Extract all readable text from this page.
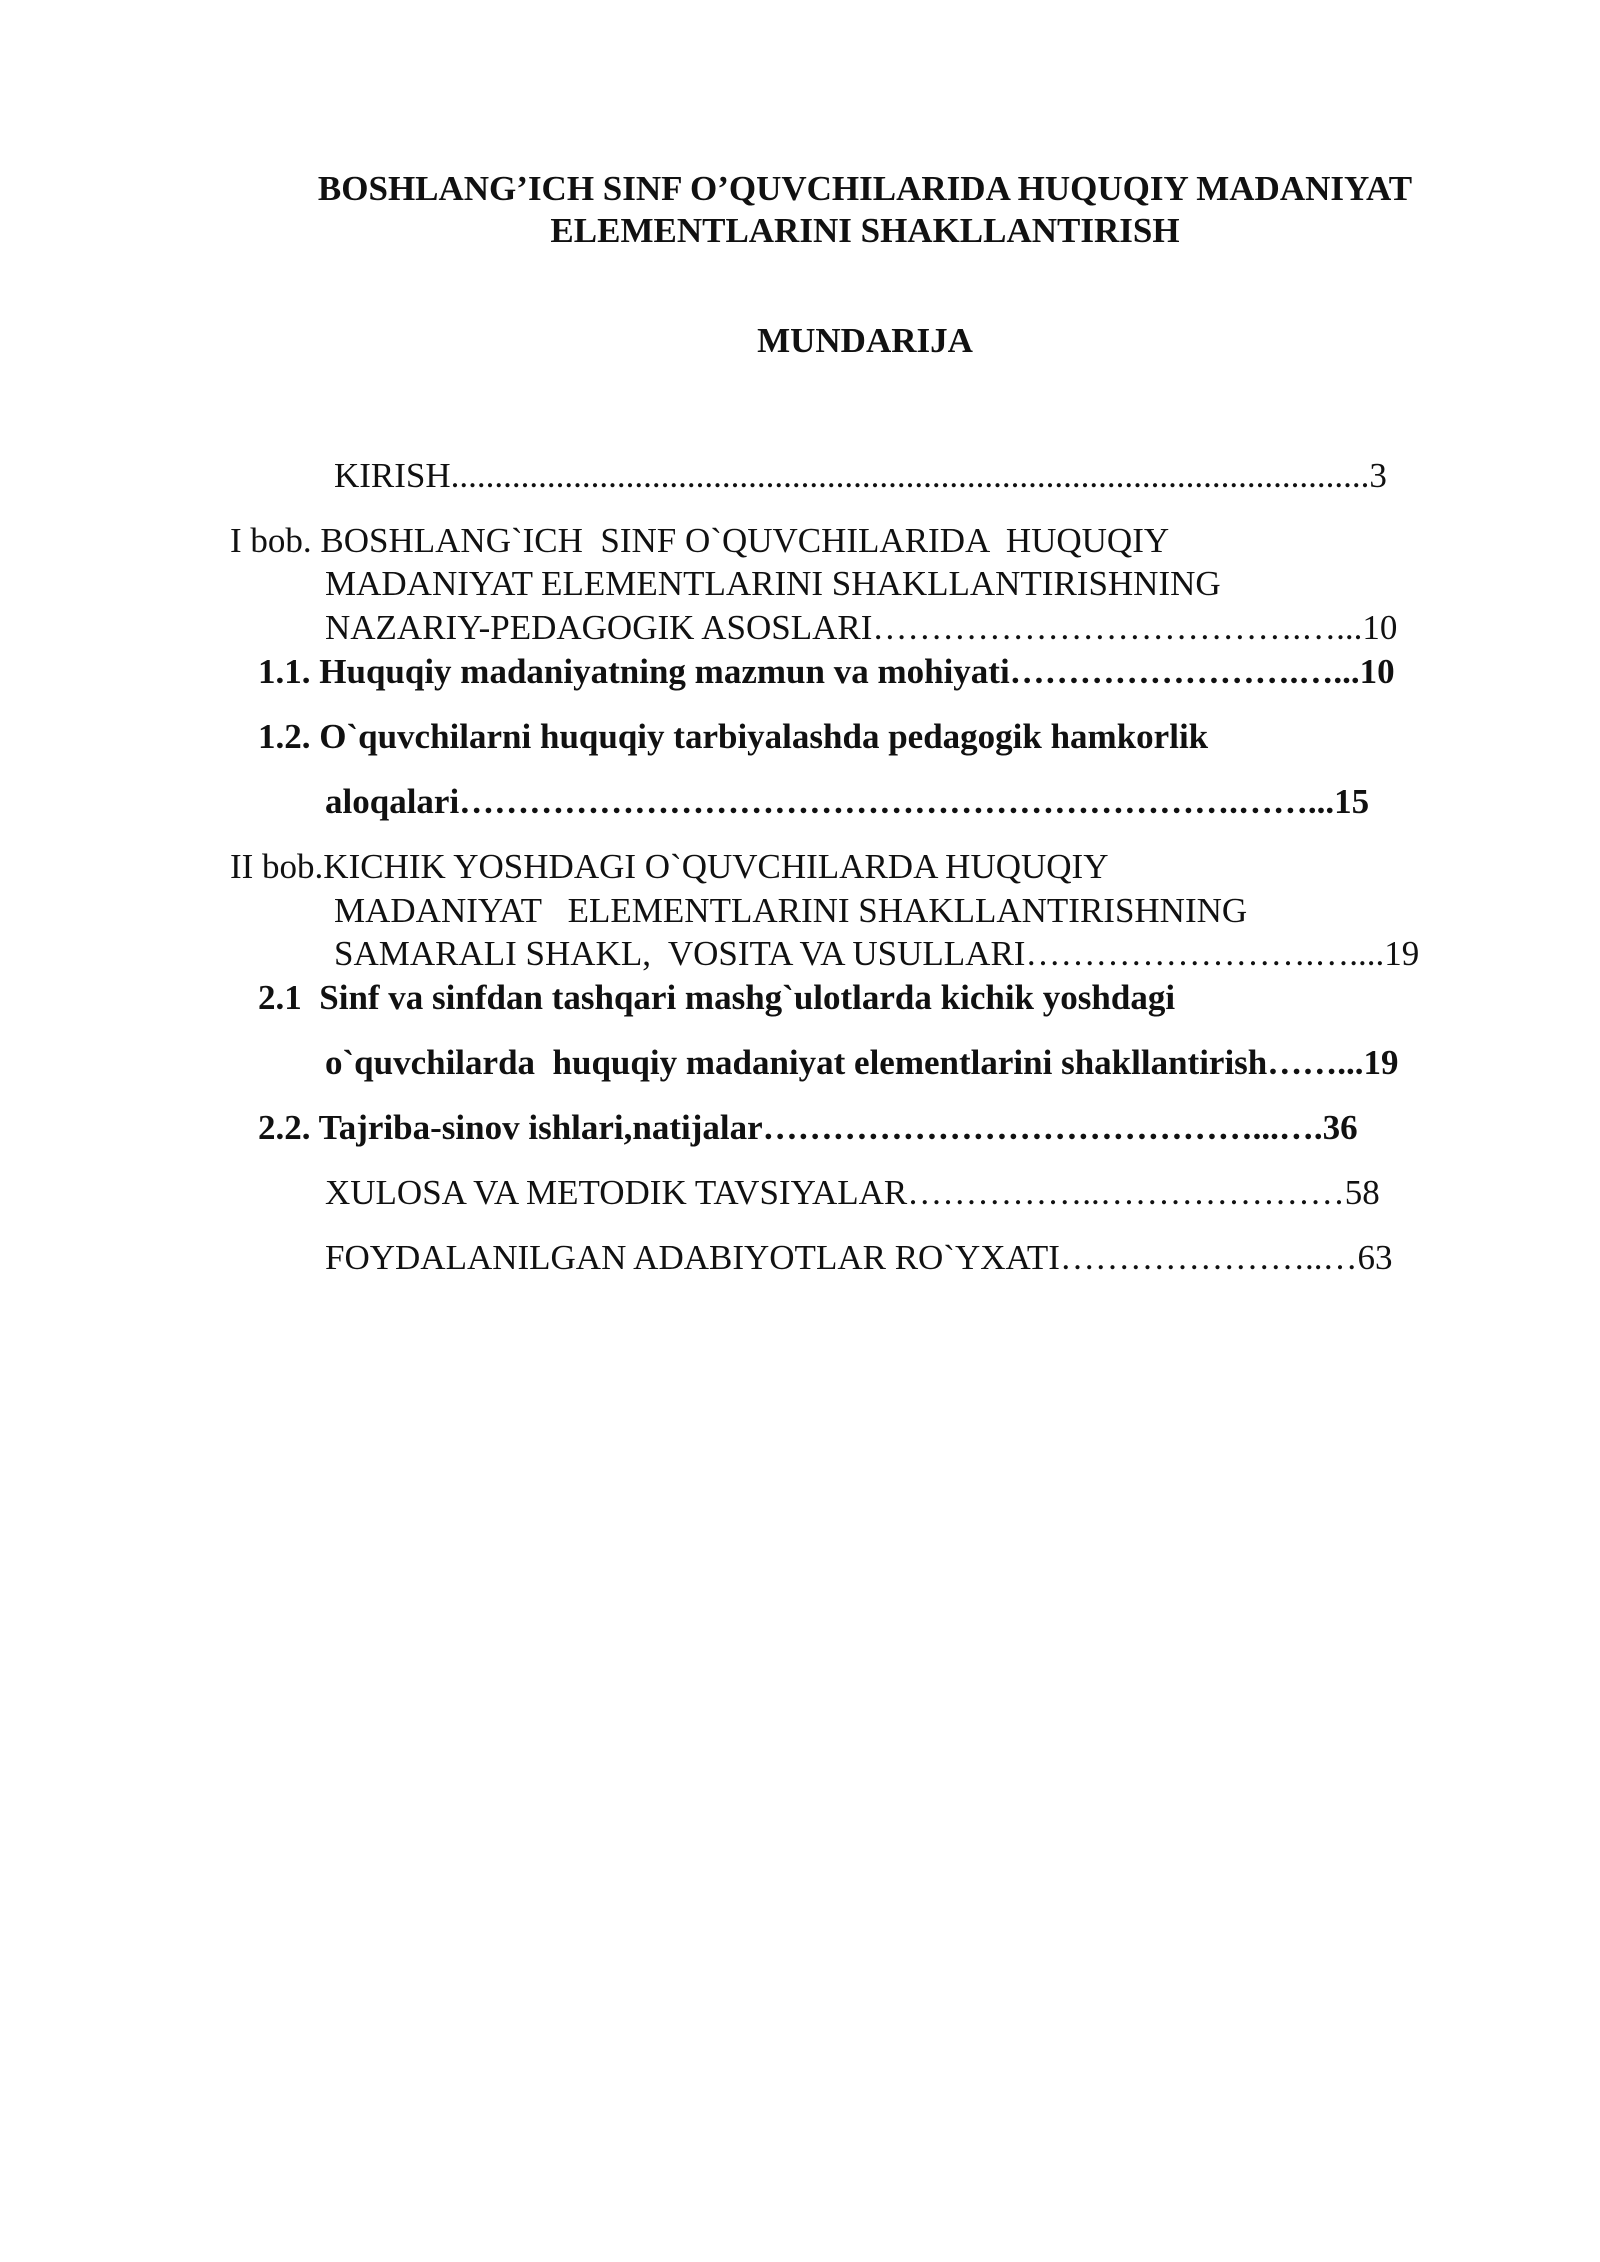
BOSHLANG’ICH SINF O’QUVCHILARIDA HUQUQIY MADANIYAT
ELEMENTLARINI SHAKLLANTIRISH
MUNDARIJA
KIRISH.........................................................................................................3
I bob. BOSHLANG`ICH  SINF O`QUVCHILARIDA  HUQUQIY
MADANIYAT ELEMENTLARINI SHAKLLANTIRISHNING
NAZARIY-PEDAGOGIK ASOSLARI……………………………….…...10
1.1. Huquqiy madaniyatning mazmun va mohiyati…………………….…...10
1.2. O`quvchilarni huquqiy tarbiyalashda pedagogik hamkorlik
aloqalari………………………………………………………….……...15
II bob.KICHIK YOSHDAGI O`QUVCHILARDA HUQUQIY
MADANIYAT   ELEMENTLARINI SHAKLLANTIRISHNING
SAMARALI SHAKL,  VOSITA VA USULLARI…………………….…....19
2.1  Sinf va sinfdan tashqari mashg`ulotlarda kichik yoshdagi
o`quvchilarda  huquqiy madaniyat elementlarini shakllantirish……...19
2.2. Tajriba-sinov ishlari,natijalar……………………………………...….36
XULOSA VA METODIK TAVSIYALAR……………..…………………58
FOYDALANILGAN ADABIYOTLAR RO`YXATI…………………..…63
